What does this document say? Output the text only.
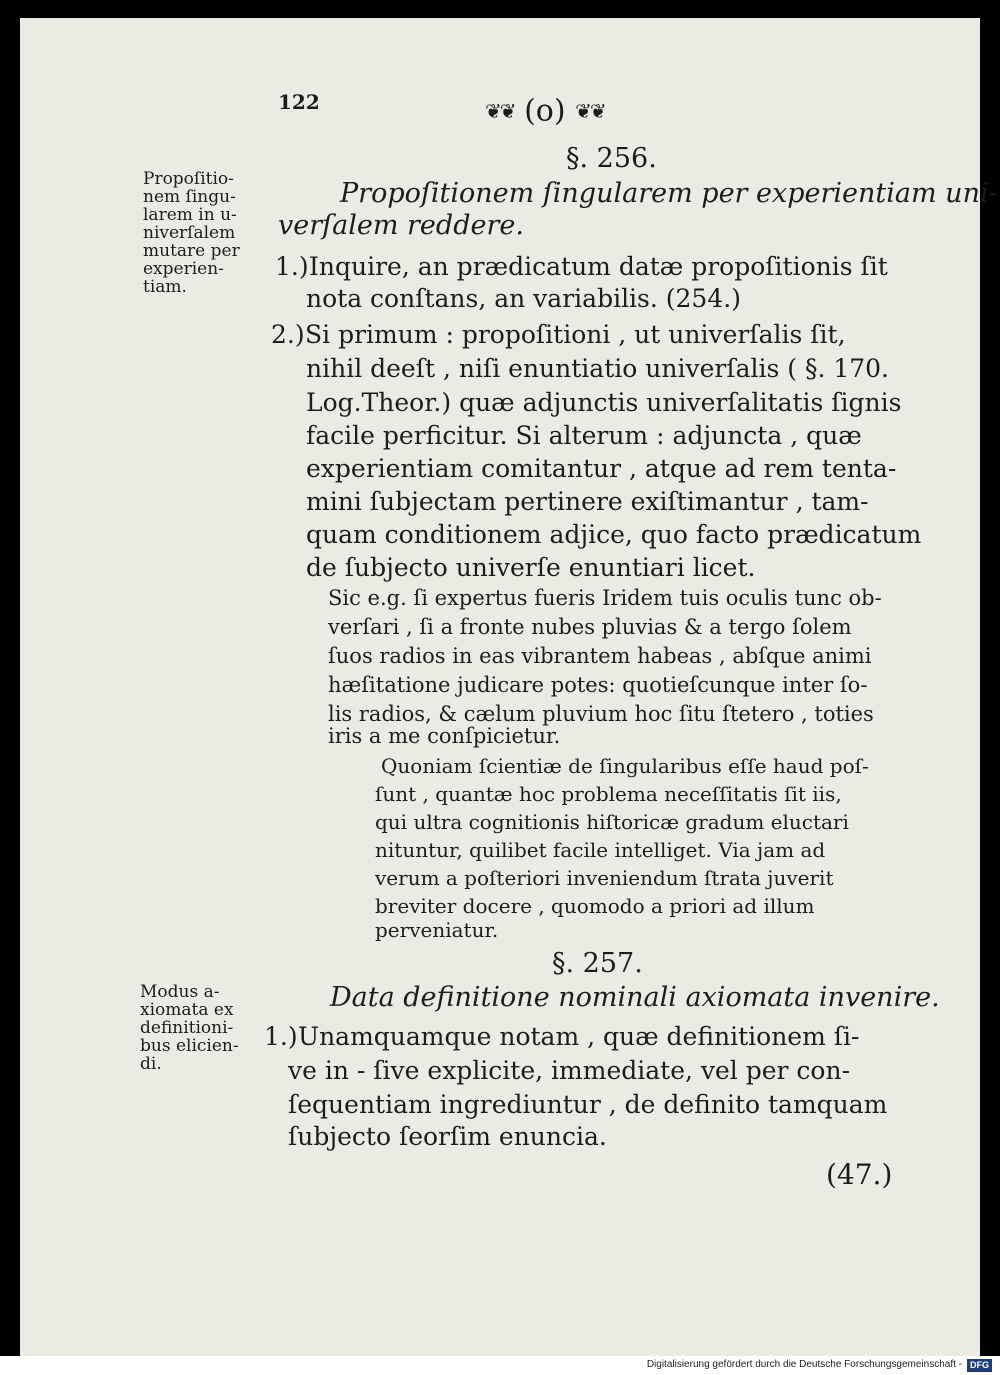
122	❦❦ (o) ❦❦
Propoſitio-
nem ſingu-
larem in u-
niverſalem
mutare per
experien-
tiam.
§. 256.
Propoſitionem ſingularem per experientiam uni-
verſalem reddere.
1.)Inquire, an prædicatum datæ propoſitionis ſit
nota conſtans, an variabilis. (254.)
2.)Si primum : propoſitioni , ut univerſalis ſit,
nihil deeſt , niſi enuntiatio univerſalis ( §. 170.
Log.Theor.) quæ adjunctis univerſalitatis ſignis
facile perficitur. Si alterum : adjuncta , quæ
experientiam comitantur , atque ad rem tenta-
mini ſubjectam pertinere exiſtimantur , tam-
quam conditionem adjice, quo facto prædicatum
de ſubjecto univerſe enuntiari licet.
Sic e.g. ſi expertus fueris Iridem tuis oculis tunc ob-
verſari , ſi a fronte nubes pluvias & a tergo ſolem
ſuos radios in eas vibrantem habeas , abſque animi
hæſitatione judicare potes: quotieſcunque inter ſo-
lis radios, & cælum pluvium hoc ſitu ſtetero , toties
iris a me conſpicietur.
Quoniam ſcientiæ de ſingularibus eſſe haud poſ-
ſunt , quantæ hoc problema neceſſitatis ſit iis,
qui ultra cognitionis hiſtoricæ gradum eluctari
nituntur, quilibet facile intelliget. Via jam ad
verum a poſteriori inveniendum ſtrata juverit
breviter docere , quomodo a priori ad illum
perveniatur.
Modus a-
xiomata ex
definitioni-
bus elicien-
di.
§. 257.
Data definitione nominali axiomata invenire.
1.)Unamquamque notam , quæ definitionem ſi-
ve in - ſive explicite, immediate, vel per con-
ſequentiam ingrediuntur , de definito tamquam
ſubjecto ſeorſim enuncia.
(47.)
Digitalisierung gefördert durch die Deutsche Forschungsgemeinschaft - DFG
